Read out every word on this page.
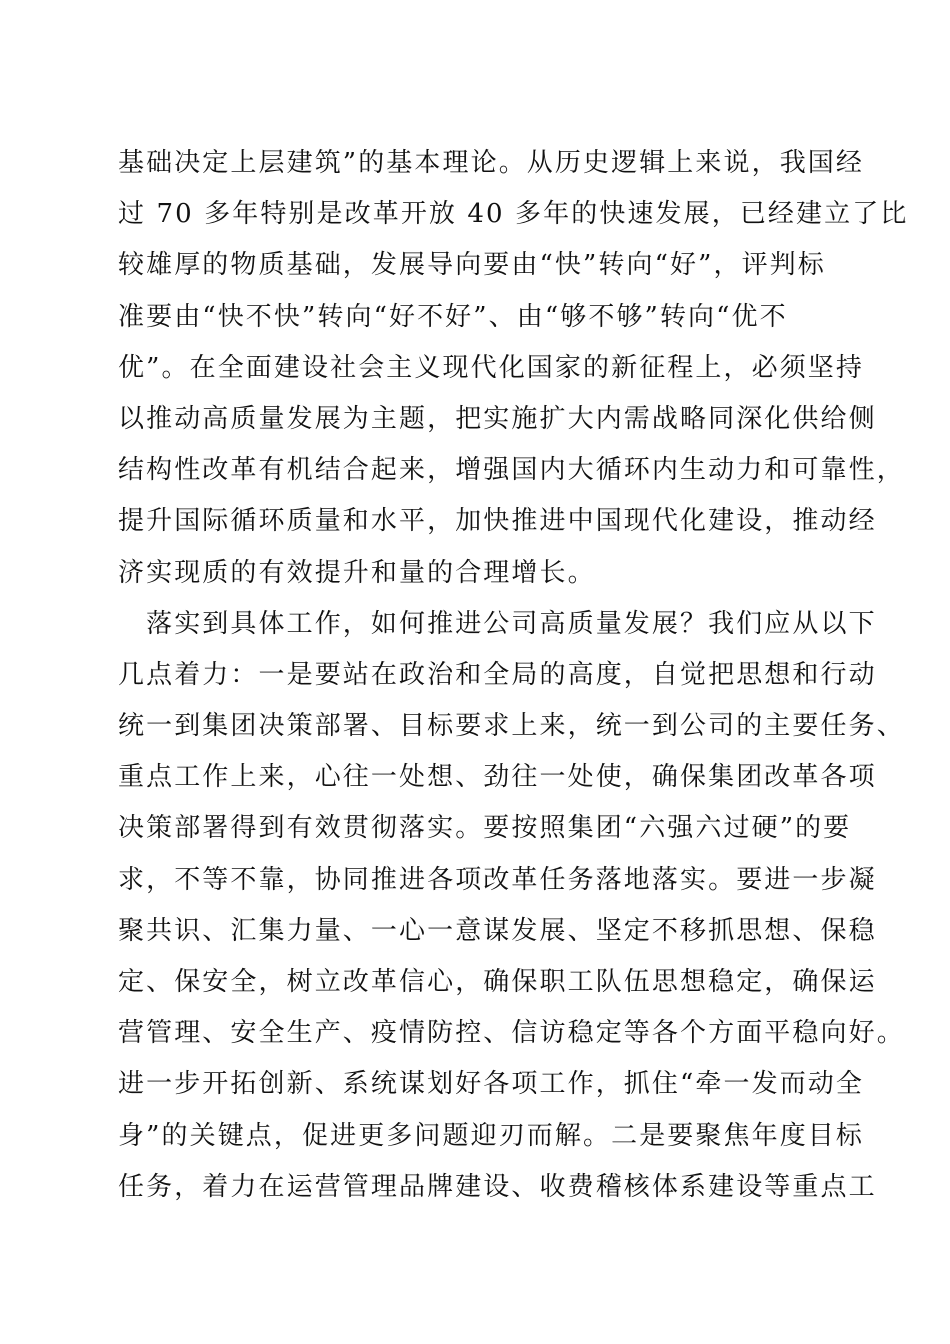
基础决定上层建筑”的基本理论。从历史逻辑上来说，我国经
过 70 多年特别是改革开放 40 多年的快速发展，已经建立了比
较雄厚的物质基础，发展导向要由“快”转向“好”，评判标
准要由“快不快”转向“好不好”、由“够不够”转向“优不
优”。在全面建设社会主义现代化国家的新征程上，必须坚持
以推动高质量发展为主题，把实施扩大内需战略同深化供给侧
结构性改革有机结合起来，增强国内大循环内生动力和可靠性，
提升国际循环质量和水平，加快推进中国现代化建设，推动经
济实现质的有效提升和量的合理增长。
　落实到具体工作，如何推进公司高质量发展？我们应从以下
几点着力：一是要站在政治和全局的高度，自觉把思想和行动
统一到集团决策部署、目标要求上来，统一到公司的主要任务、
重点工作上来，心往一处想、劲往一处使，确保集团改革各项
决策部署得到有效贯彻落实。要按照集团“六强六过硬”的要
求，不等不靠，协同推进各项改革任务落地落实。要进一步凝
聚共识、汇集力量、一心一意谋发展、坚定不移抓思想、保稳
定、保安全，树立改革信心，确保职工队伍思想稳定，确保运
营管理、安全生产、疫情防控、信访稳定等各个方面平稳向好。
进一步开拓创新、系统谋划好各项工作，抓住“牵一发而动全
身”的关键点，促进更多问题迎刃而解。二是要聚焦年度目标
任务，着力在运营管理品牌建设、收费稽核体系建设等重点工
